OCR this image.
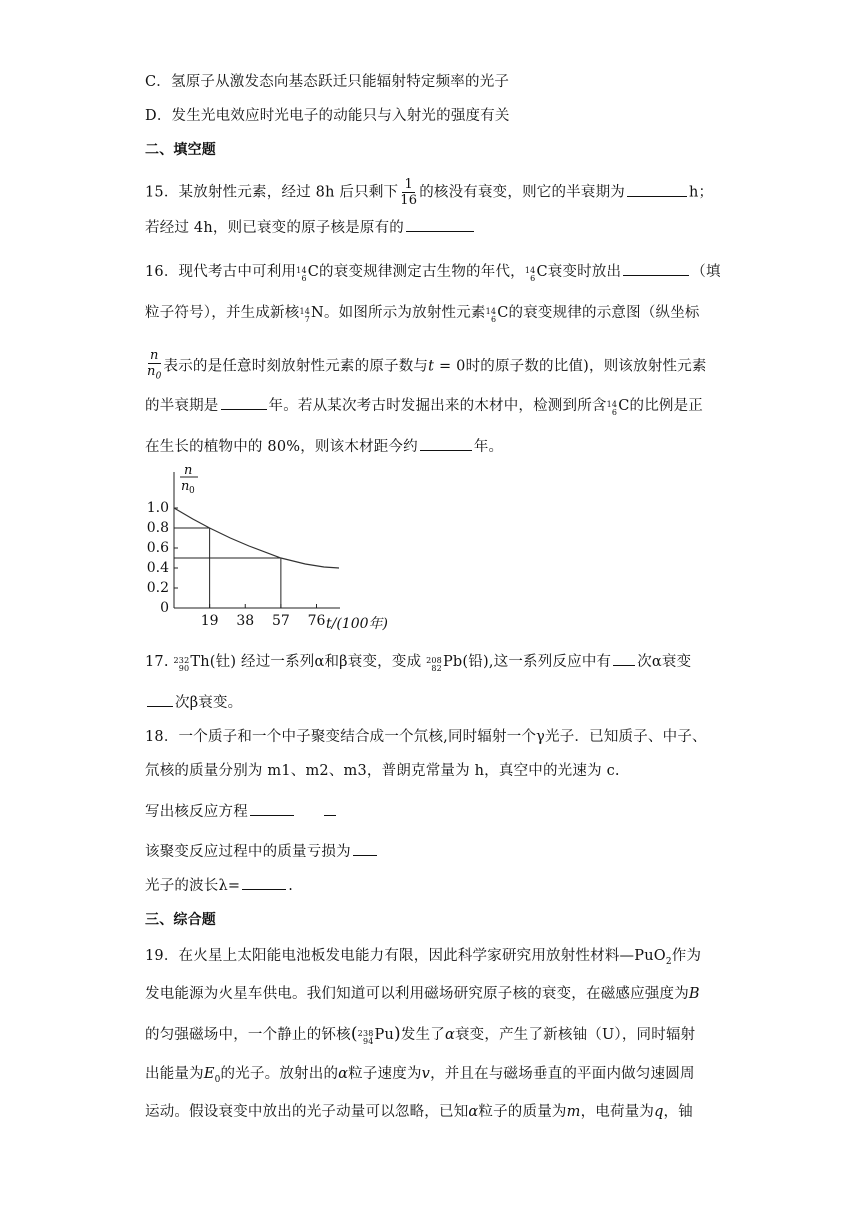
C．氢原子从激发态向基态跃迁只能辐射特定频率的光子
D．发生光电效应时光电子的动能只与入射光的强度有关
二、填空题
15．某放射性元素，经过 8h 后只剩下 $\frac{1}{16}$ 的核没有衰变，则它的半衰期为	h；
若经过 4h，则已衰变的原子核是原有的
16．现代考古中可利用 14
6 C的衰变规律测定古生物的年代， 14
6 C衰变时放出	（填
粒子符号），并生成新核 14
7 N。如图所示为放射性元素 14
6 C的衰变规律的示意图（纵坐标
$\frac{n}{n_0}$ 表示的是任意时刻放射性元素的原子数与t = 0时的原子数的比值)，则该放射性元素
的半衰期是	年。若从某次考古时发掘出来的木材中，检测到所含 14
6 C的比例是正
在生长的植物中的 80%，则该木材距今约	年。
0
0.2
0.4
0.6
0.8
1.0
19 38 57 76
n
n 0
t/(100年)
17. 232
90 Th(钍) 经过一系列α和β衰变，变成 208
82 Pb(铅),这一系列反应中有 次α衰变
次β衰变。
18．一个质子和一个中子聚变结合成一个氘核,同时辐射一个γ光子．已知质子、中子、
氘核的质量分别为 m1、m2、m3，普朗克常量为 h，真空中的光速为 c.
写出核反应方程
该聚变反应过程中的质量亏损为
光子的波长λ=	.
三、综合题
19．在火星上太阳能电池板发电能力有限，因此科学家研究用放射性材料—PuO$_2$作为
发电能源为火星车供电。我们知道可以利用磁场研究原子核的衰变，在磁感应强度为B
的匀强磁场中，一个静止的钚核( 238
94 Pu)发生了α衰变，产生了新核铀（U），同时辐射
出能量为$E_0$的光子。放射出的α粒子速度为v，并且在与磁场垂直的平面内做匀速圆周
运动。假设衰变中放出的光子动量可以忽略，已知α粒子的质量为m，电荷量为q，铀
